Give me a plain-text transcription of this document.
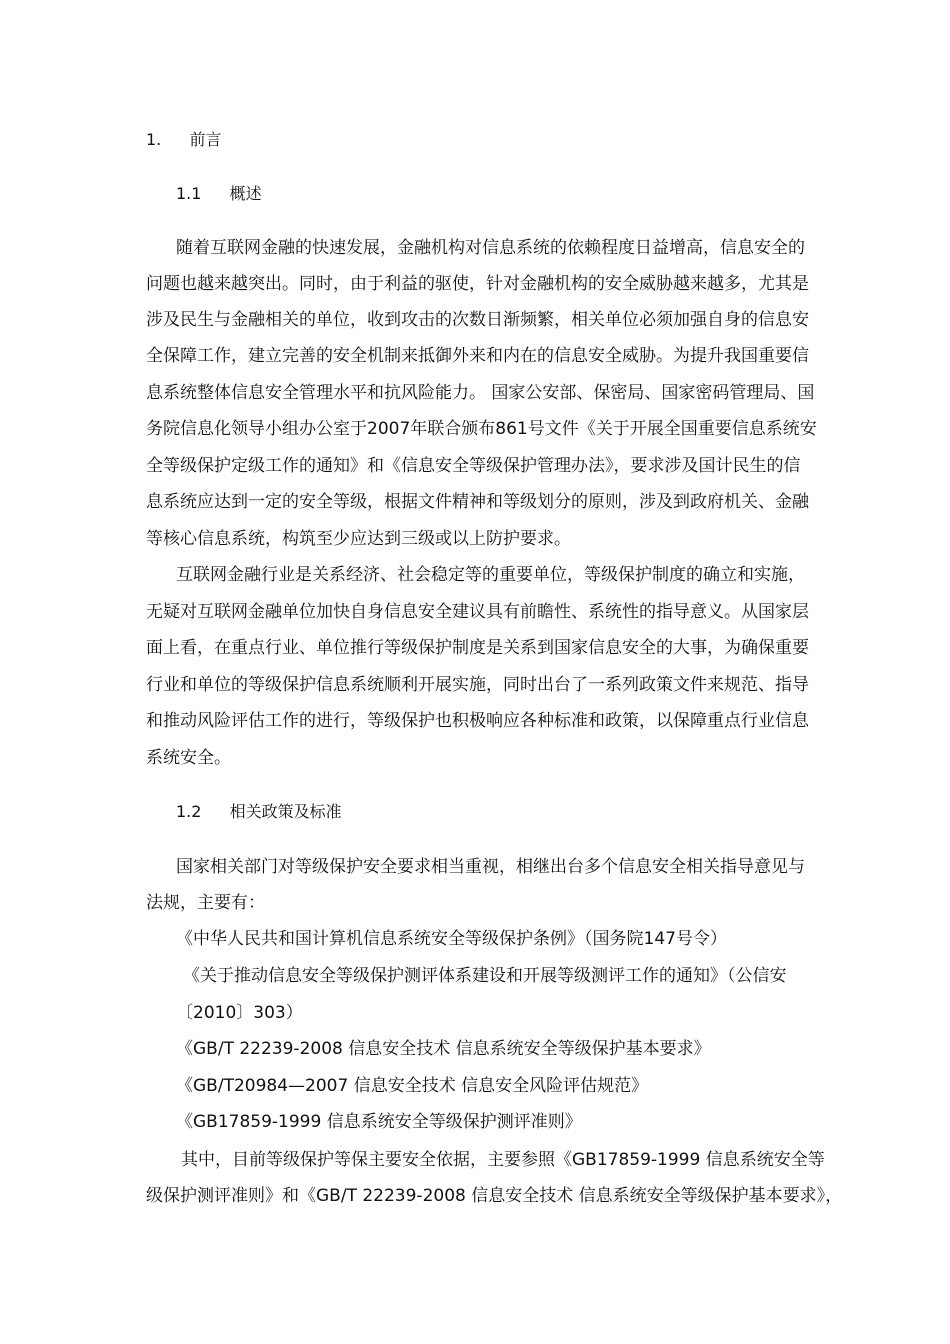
1. 前言
1.1 概述
随着互联网金融的快速发展，金融机构对信息系统的依赖程度日益增高，信息安全的
问题也越来越突出。同时，由于利益的驱使，针对金融机构的安全威胁越来越多，尤其是
涉及民生与金融相关的单位，收到攻击的次数日渐频繁，相关单位必须加强自身的信息安
全保障工作，建立完善的安全机制来抵御外来和内在的信息安全威胁。为提升我国重要信
息系统整体信息安全管理水平和抗风险能力。 国家公安部、保密局、国家密码管理局、国
务院信息化领导小组办公室于2007年联合颁布861号文件《关于开展全国重要信息系统安
全等级保护定级工作的通知》和《信息安全等级保护管理办法》，要求涉及国计民生的信
息系统应达到一定的安全等级，根据文件精神和等级划分的原则，涉及到政府机关、金融
等核心信息系统，构筑至少应达到三级或以上防护要求。
互联网金融行业是关系经济、社会稳定等的重要单位，等级保护制度的确立和实施，
无疑对互联网金融单位加快自身信息安全建议具有前瞻性、系统性的指导意义。从国家层
面上看，在重点行业、单位推行等级保护制度是关系到国家信息安全的大事，为确保重要
行业和单位的等级保护信息系统顺利开展实施，同时出台了一系列政策文件来规范、指导
和推动风险评估工作的进行，等级保护也积极响应各种标准和政策，以保障重点行业信息
系统安全。
1.2 相关政策及标准
国家相关部门对等级保护安全要求相当重视，相继出台多个信息安全相关指导意见与
法规，主要有：
《中华人民共和国计算机信息系统安全等级保护条例》（国务院147号令）
《关于推动信息安全等级保护测评体系建设和开展等级测评工作的通知》（公信安
〔2010〕303）
《GB/T 22239-2008 信息安全技术 信息系统安全等级保护基本要求》
《GB/T20984—2007 信息安全技术 信息安全风险评估规范》
《GB17859-1999 信息系统安全等级保护测评准则》
其中，目前等级保护等保主要安全依据，主要参照《GB17859-1999 信息系统安全等
级保护测评准则》和《GB/T 22239-2008 信息安全技术 信息系统安全等级保护基本要求》，
